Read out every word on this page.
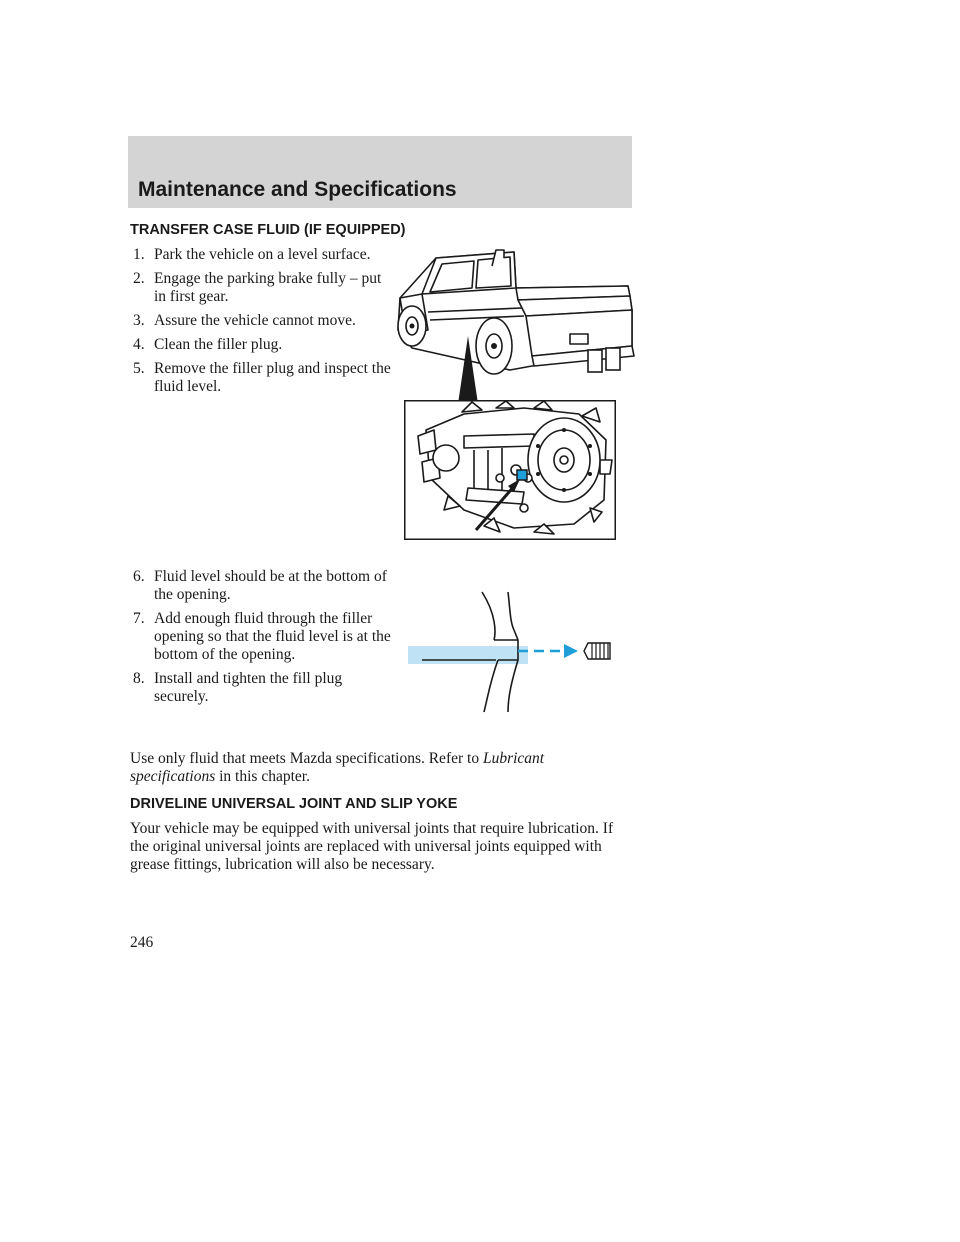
Maintenance and Specifications
TRANSFER CASE FLUID (IF EQUIPPED)
1. Park the vehicle on a level surface.
2. Engage the parking brake fully – put in first gear.
3. Assure the vehicle cannot move.
4. Clean the filler plug.
5. Remove the filler plug and inspect the fluid level.
6. Fluid level should be at the bottom of the opening.
7. Add enough fluid through the filler opening so that the fluid level is at the bottom of the opening.
8. Install and tighten the fill plug securely.

Use only fluid that meets Mazda specifications. Refer to Lubricant specifications in this chapter.

DRIVELINE UNIVERSAL JOINT AND SLIP YOKE

Your vehicle may be equipped with universal joints that require lubrication. If the original universal joints are replaced with universal joints equipped with grease fittings, lubrication will also be necessary.

246
